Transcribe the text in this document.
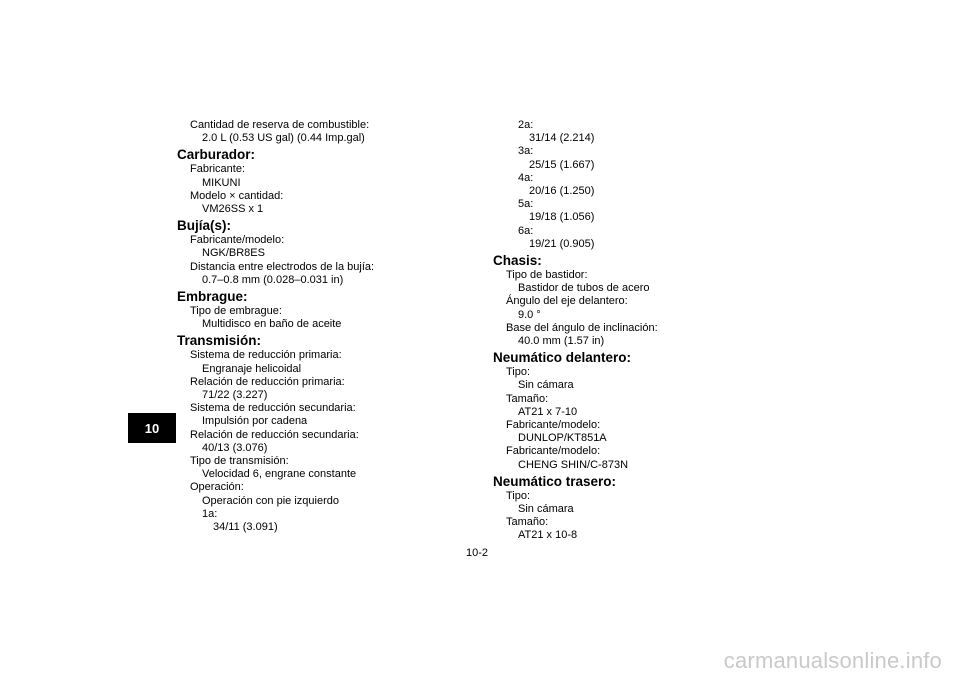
10
Cantidad de reserva de combustible:
2.0 L (0.53 US gal) (0.44 Imp.gal)
Carburador:
Fabricante:
MIKUNI
Modelo × cantidad:
VM26SS x 1
Bujía(s):
Fabricante/modelo:
NGK/BR8ES
Distancia entre electrodos de la bujía:
0.7–0.8 mm (0.028–0.031 in)
Embrague:
Tipo de embrague:
Multidisco en baño de aceite
Transmisión:
Sistema de reducción primaria:
Engranaje helicoidal
Relación de reducción primaria:
71/22 (3.227)
Sistema de reducción secundaria:
Impulsión por cadena
Relación de reducción secundaria:
40/13 (3.076)
Tipo de transmisión:
Velocidad 6, engrane constante
Operación:
Operación con pie izquierdo
1a:
34/11 (3.091)
2a:
31/14 (2.214)
3a:
25/15 (1.667)
4a:
20/16 (1.250)
5a:
19/18 (1.056)
6a:
19/21 (0.905)
Chasis:
Tipo de bastidor:
Bastidor de tubos de acero
Ángulo del eje delantero:
9.0 °
Base del ángulo de inclinación:
40.0 mm (1.57 in)
Neumático delantero:
Tipo:
Sin cámara
Tamaño:
AT21 x 7-10
Fabricante/modelo:
DUNLOP/KT851A
Fabricante/modelo:
CHENG SHIN/C-873N
Neumático trasero:
Tipo:
Sin cámara
Tamaño:
AT21 x 10-8
10-2
carmanualsonline.info
